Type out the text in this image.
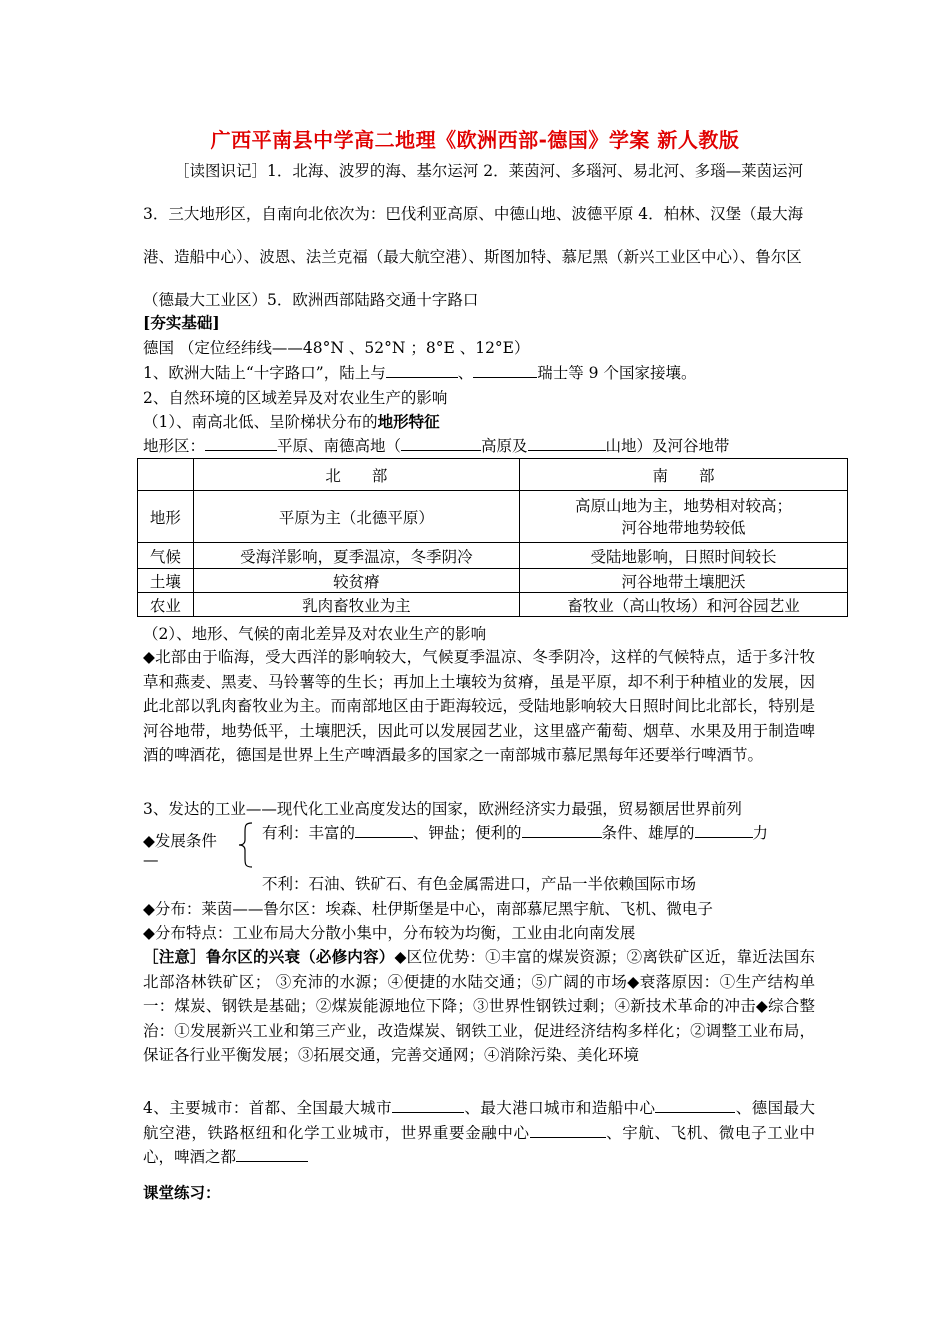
广西平南县中学高二地理《欧洲西部-德国》学案 新人教版
［读图识记］1．北海、波罗的海、基尔运河 2．莱茵河、多瑙河、易北河、多瑙—莱茵运河 3．三大地形区，自南向北依次为：巴伐利亚高原、中德山地、波德平原 4．柏林、汉堡（最大海港、造船中心）、波恩、法兰克福（最大航空港）、斯图加特、慕尼黑（新兴工业区中心）、鲁尔区（德最大工业区）5．欧洲西部陆路交通十字路口
[夯实基础]
德国 （定位经纬线——48°N 、52°N ；8°E 、12°E）
1、欧洲大陆上“十字路口”，陆上与	、	瑞士等 9 个国家接壤。
2、自然环境的区域差异及对农业生产的影响
（1）、南高北低、呈阶梯状分布的地形特征
地形区：	平原、南德高地（	高原及	山地）及河谷地带
	北　　部	南　　部
地形	平原为主（北德平原）	高原山地为主，地势相对较高；
河谷地带地势较低

气候	受海洋影响，夏季温凉，冬季阴冷	受陆地影响，日照时间较长
土壤	较贫瘠	河谷地带土壤肥沃
农业	乳肉畜牧业为主	畜牧业（高山牧场）和河谷园艺业
（2）、地形、气候的南北差异及对农业生产的影响
◆北部由于临海，受大西洋的影响较大，气候夏季温凉、冬季阴冷，这样的气候特点，适于多汁牧草和燕麦、黑麦、马铃薯等的生长；再加上土壤较为贫瘠，虽是平原，却不利于种植业的发展，因此北部以乳肉畜牧业为主。而南部地区由于距海较远，受陆地影响较大日照时间比北部长，特别是河谷地带，地势低平，土壤肥沃，因此可以发展园艺业，这里盛产葡萄、烟草、水果及用于制造啤酒的啤酒花，德国是世界上生产啤酒最多的国家之一南部城市慕尼黑每年还要举行啤酒节。
3、发达的工业——现代化工业高度发达的国家，欧洲经济实力最强，贸易额居世界前列
◆发展条件
—
有利：丰富的	、钾盐；便利的	条件、雄厚的	力
不利：石油、铁矿石、有色金属需进口，产品一半依赖国际市场
◆分布：莱茵——鲁尔区：埃森、杜伊斯堡是中心，南部慕尼黑宇航、飞机、微电子
◆分布特点：工业布局大分散小集中，分布较为均衡，工业由北向南发展
［注意］鲁尔区的兴衰（必修内容）◆区位优势：①丰富的煤炭资源；②离铁矿区近，靠近法国东北部洛林铁矿区； ③充沛的水源；④便捷的水陆交通；⑤广阔的市场◆衰落原因：①生产结构单一：煤炭、钢铁是基础；②煤炭能源地位下降；③世界性钢铁过剩；④新技术革命的冲击◆综合整治：①发展新兴工业和第三产业，改造煤炭、钢铁工业，促进经济结构多样化；②调整工业布局，保证各行业平衡发展；③拓展交通，完善交通网；④消除污染、美化环境
4、主要城市：首都、全国最大城市	、最大港口城市和造船中心	、德国最大航空港，铁路枢纽和化学工业城市，世界重要金融中心	、宇航、飞机、微电子工业中心，啤酒之都
课堂练习：
